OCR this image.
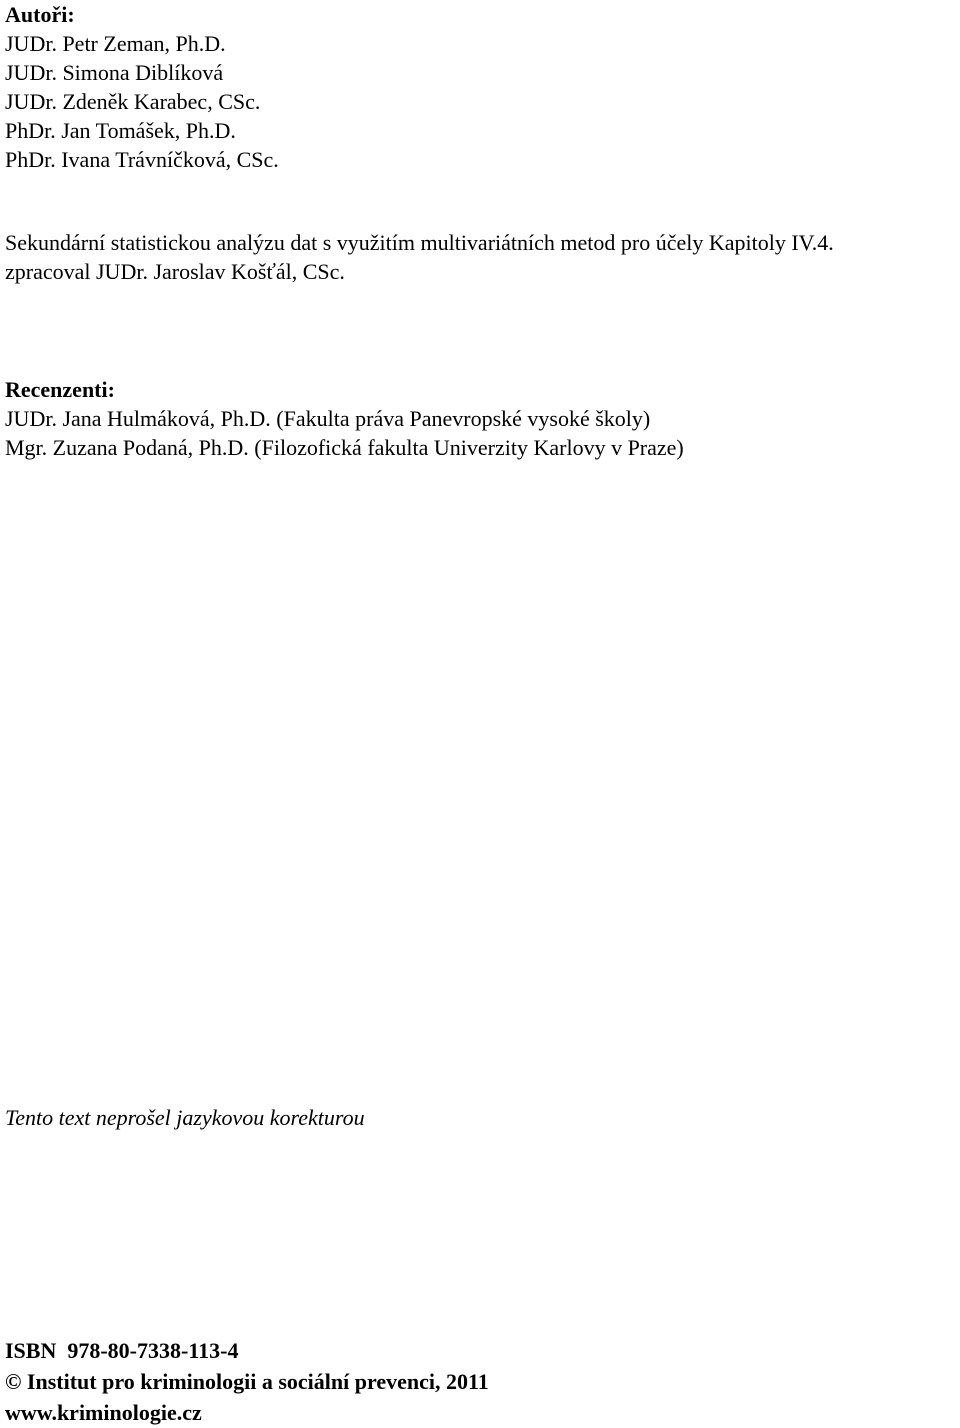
Autoři:
JUDr. Petr Zeman, Ph.D.
JUDr. Simona Diblíková
JUDr. Zdeněk Karabec, CSc.
PhDr. Jan Tomášek, Ph.D.
PhDr. Ivana Trávníčková, CSc.
Sekundární statistickou analýzu dat s využitím multivariátních metod pro účely Kapitoly IV.4.
zpracoval JUDr. Jaroslav Košťál, CSc.
Recenzenti:
JUDr. Jana Hulmáková, Ph.D. (Fakulta práva Panevropské vysoké školy)
Mgr. Zuzana Podaná, Ph.D. (Filozofická fakulta Univerzity Karlovy v Praze)
Tento text neprošel jazykovou korekturou
ISBN  978-80-7338-113-4
© Institut pro kriminologii a sociální prevenci, 2011
www.kriminologie.cz
